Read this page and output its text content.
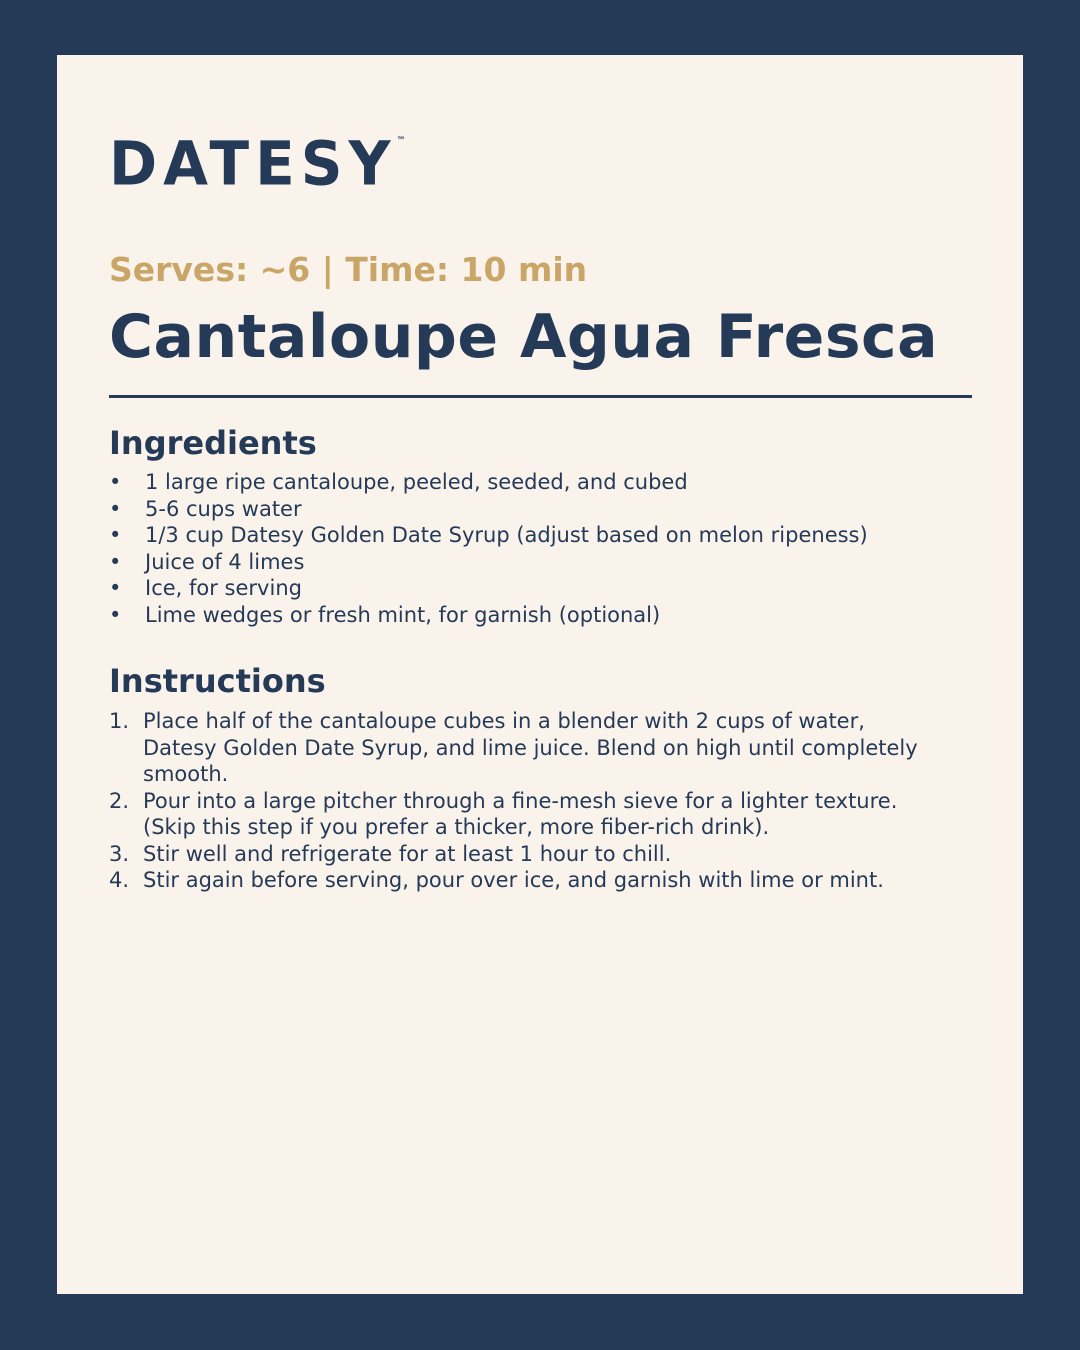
DATESY™
Serves: ~6 | Time: 10 min
Cantaloupe Agua Fresca
Ingredients
• 1 large ripe cantaloupe, peeled, seeded, and cubed
• 5-6 cups water
• 1/3 cup Datesy Golden Date Syrup (adjust based on melon ripeness)
• Juice of 4 limes
• Ice, for serving
• Lime wedges or fresh mint, for garnish (optional)
Instructions
1. Place half of the cantaloupe cubes in a blender with 2 cups of water, Datesy Golden Date Syrup, and lime juice. Blend on high until completely smooth.
2. Pour into a large pitcher through a fine-mesh sieve for a lighter texture. (Skip this step if you prefer a thicker, more fiber-rich drink).
3. Stir well and refrigerate for at least 1 hour to chill.
4. Stir again before serving, pour over ice, and garnish with lime or mint.
